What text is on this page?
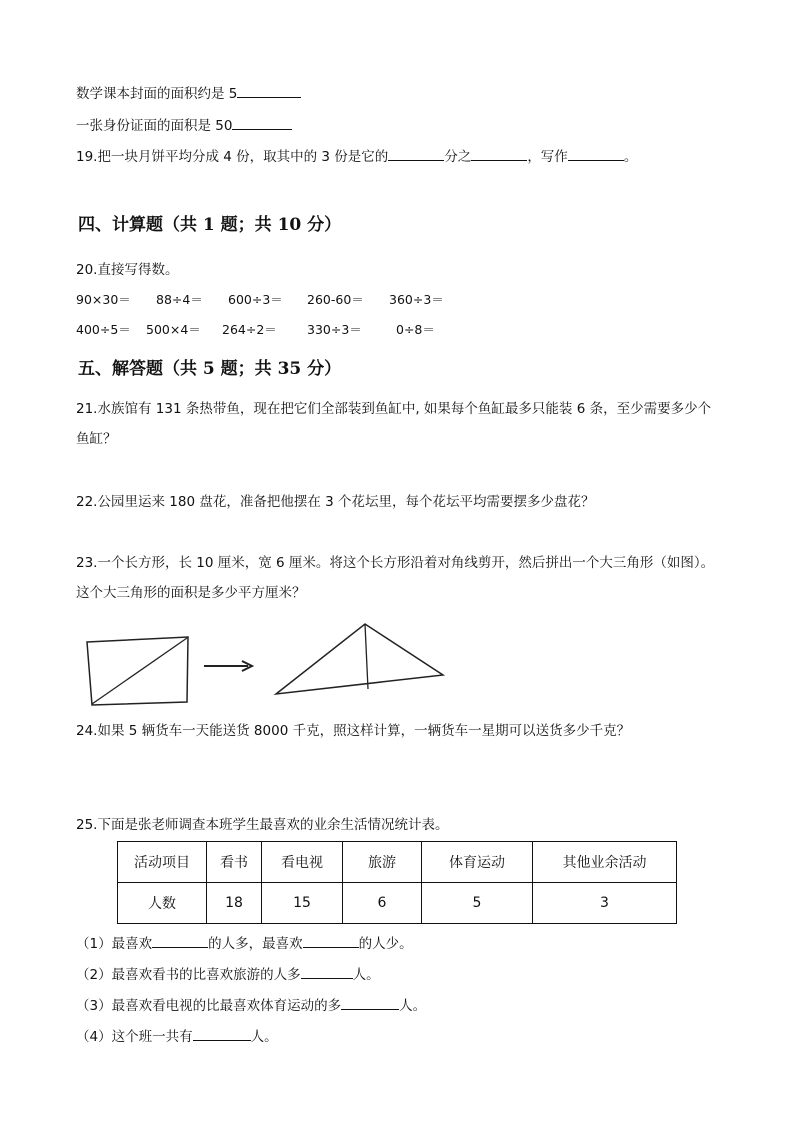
数学课本封面的面积约是 5
一张身份证面的面积是 50
19.把一块月饼平均分成 4 份，取其中的 3 份是它的	分之	，写作	。
四、计算题（共 1 题；共 10 分）
20.直接写得数。
90×30＝ 88÷4＝ 600÷3＝ 260-60＝ 360÷3＝
400÷5＝ 500×4＝ 264÷2＝ 330÷3＝	0÷8＝
五、解答题（共 5 题；共 35 分）
21.水族馆有 131 条热带鱼，现在把它们全部装到鱼缸中, 如果每个鱼缸最多只能装 6 条，至少需要多少个鱼缸？
22.公园里运来 180 盘花，准备把他摆在 3 个花坛里，每个花坛平均需要摆多少盘花？
23.一个长方形，长 10 厘米，宽 6 厘米。将这个长方形沿着对角线剪开，然后拼出一个大三角形（如图）。这个大三角形的面积是多少平方厘米？
24.如果 5 辆货车一天能送货 8000 千克，照这样计算，一辆货车一星期可以送货多少千克？
25.下面是张老师调查本班学生最喜欢的业余生活情况统计表。
活动项目	看书	看电视	旅游	体育运动	其他业余活动
人数	18	15	6	5	3
（1）最喜欢	的人多，最喜欢	的人少。
（2）最喜欢看书的比喜欢旅游的人多	人。
（3）最喜欢看电视的比最喜欢体育运动的多	人。
（4）这个班一共有	人。
